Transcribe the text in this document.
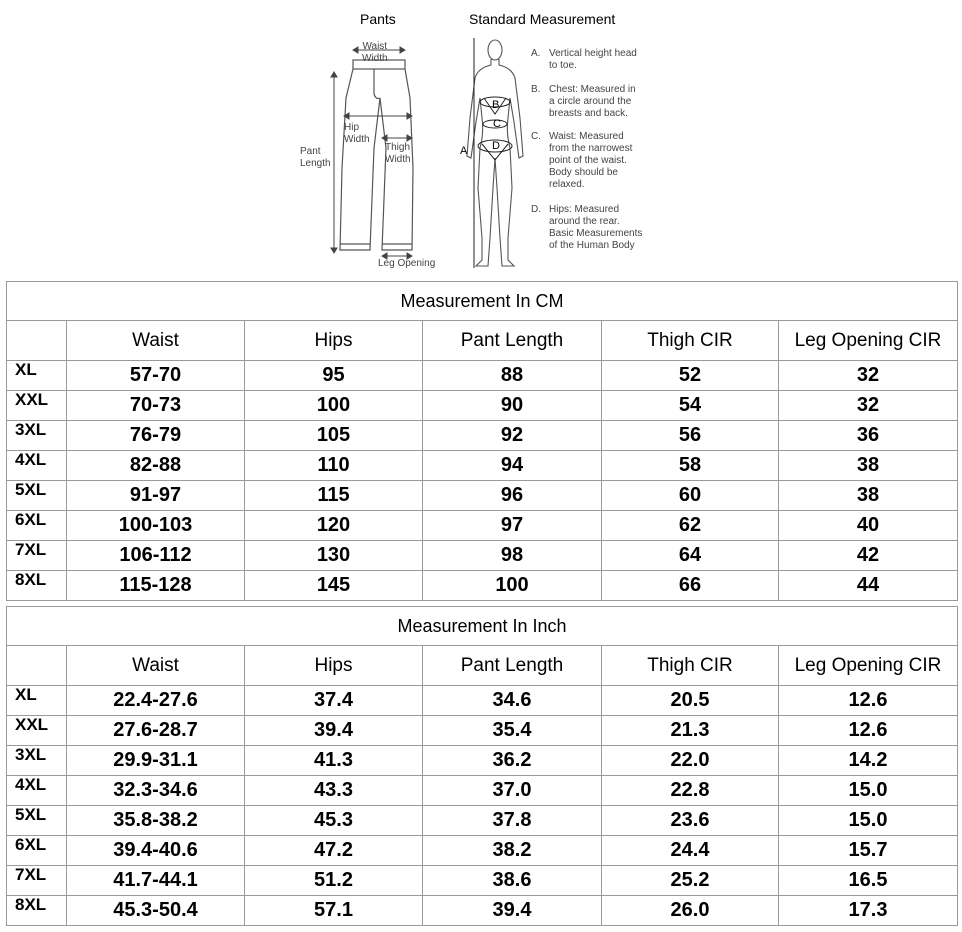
Pants	Standard Measurement
Waist
Width
Hip
Width
Pant
Length
Thigh
Width
Leg Opening
B
C
D
A
A. Vertical height head
to toe.
B. Chest: Measured in
a circle around the
breasts and back.
C. Waist: Measured
from the narrowest
point of the waist.
Body should be
relaxed.
D. Hips: Measured
around the rear.
Basic Measurements
of the Human Body
Measurement In CM					
	Waist	Hips	Pant Length	Thigh CIR	Leg Opening CIR
XL	57-70	95	88	52	32
XXL	70-73	100	90	54	32
3XL	76-79	105	92	56	36
4XL	82-88	110	94	58	38
5XL	91-97	115	96	60	38
6XL	100-103	120	97	62	40
7XL	106-112	130	98	64	42
8XL	115-128	145	100	66	44
Measurement In Inch					
	Waist	Hips	Pant Length	Thigh CIR	Leg Opening CIR
XL	22.4-27.6	37.4	34.6	20.5	12.6
XXL	27.6-28.7	39.4	35.4	21.3	12.6
3XL	29.9-31.1	41.3	36.2	22.0	14.2
4XL	32.3-34.6	43.3	37.0	22.8	15.0
5XL	35.8-38.2	45.3	37.8	23.6	15.0
6XL	39.4-40.6	47.2	38.2	24.4	15.7
7XL	41.7-44.1	51.2	38.6	25.2	16.5
8XL	45.3-50.4	57.1	39.4	26.0	17.3
